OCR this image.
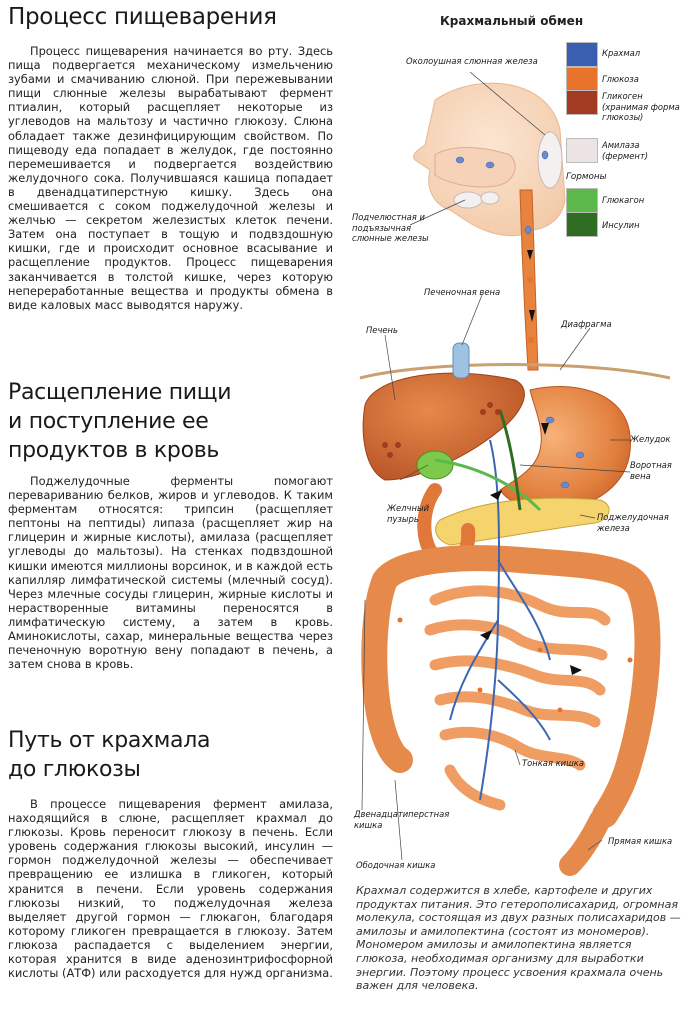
Процесс пищеварения

Процесс пищеварения начинается во рту. Здесь пища подвергается механическому измельчению зубами и смачиванию слюной. При пережевывании пищи слюнные железы вырабатывают фермент птиалин, который расщепляет некоторые из углеводов на мальтозу и частично глюкозу. Слюна обладает также дезинфицирующим свойством. По пищеводу еда попадает в желудок, где постоянно перемешивается и подвергается воздействию желудочного сока. Получившаяся кашица попадает в двенадцатиперстную кишку. Здесь она смешивается с соком поджелудочной железы и желчью — секретом железистых клеток печени. Затем она поступает в тощую и подвздошную кишки, где и происходит основное всасывание и расщепление продуктов. Процесс пищеварения заканчивается в толстой кишке, через которую непереработанные вещества и продукты обмена в виде каловых масс выводятся наружу.

Расщепление пищи
и поступление ее
продуктов в кровь

Поджелудочные ферменты помогают перевариванию белков, жиров и углеводов. К таким ферментам относятся: трипсин (расщепляет пептоны на пептиды) липаза (расщепляет жир на глицерин и жирные кислоты), амилаза (расщепляет углеводы до мальтозы). На стенках подвздошной кишки имеются миллионы ворсинок, и в каждой есть капилляр лимфатической системы (млечный сосуд). Через млечные сосуды глицерин, жирные кислоты и нерастворенные витамины переносятся в лимфатическую систему, а затем в кровь. Аминокислоты, сахар, минеральные вещества через печеночную воротную вену попадают в печень, а затем снова в кровь.

Путь от крахмала
до глюкозы

В процессе пищеварения фермент амилаза, находящийся в слюне, расщепляет крахмал до глюкозы. Кровь переносит глюкозу в печень. Если уровень содержания глюкозы высокий, инсулин — гормон поджелудочной железы — обеспечивает превращению ее излишка в гликоген, который хранится в печени. Если уровень содержания глюкозы низкий, то поджелудочная железа выделяет другой гормон — глюкагон, благодаря которому гликоген превращается в глюкозу. Затем глюкоза распадается с выделением энергии, которая хранится в виде аденозинтрифосфорной кислоты (АТФ) или расходуется для нужд организма.

Крахмальный обмен
Крахмал
Глюкоза
Гликоген (хранимая форма глюкозы)
Амилаза (фермент)
Гормоны
Глюкагон
Инсулин
Околоушная слюнная железа
Подчелюстная и подъязычная слюнные железы
Печеночная вена
Печень
Диафрагма
Желудок
Воротная вена
Желчный пузырь	Поджелудочная железа
Тонкая кишка
Двенадцатиперстная кишка
Прямая кишка
Ободочная кишка

Крахмал содержится в хлебе, картофеле и других продуктах питания. Это гетерополисахарид, огромная молекула, состоящая из двух разных полисахаридов — амилозы и амилопектина (состоят из мономеров). Мономером амилозы и амилопектина является глюкоза, необходимая организму для выработки энергии. Поэтому процесс усвоения крахмала очень важен для человека.
